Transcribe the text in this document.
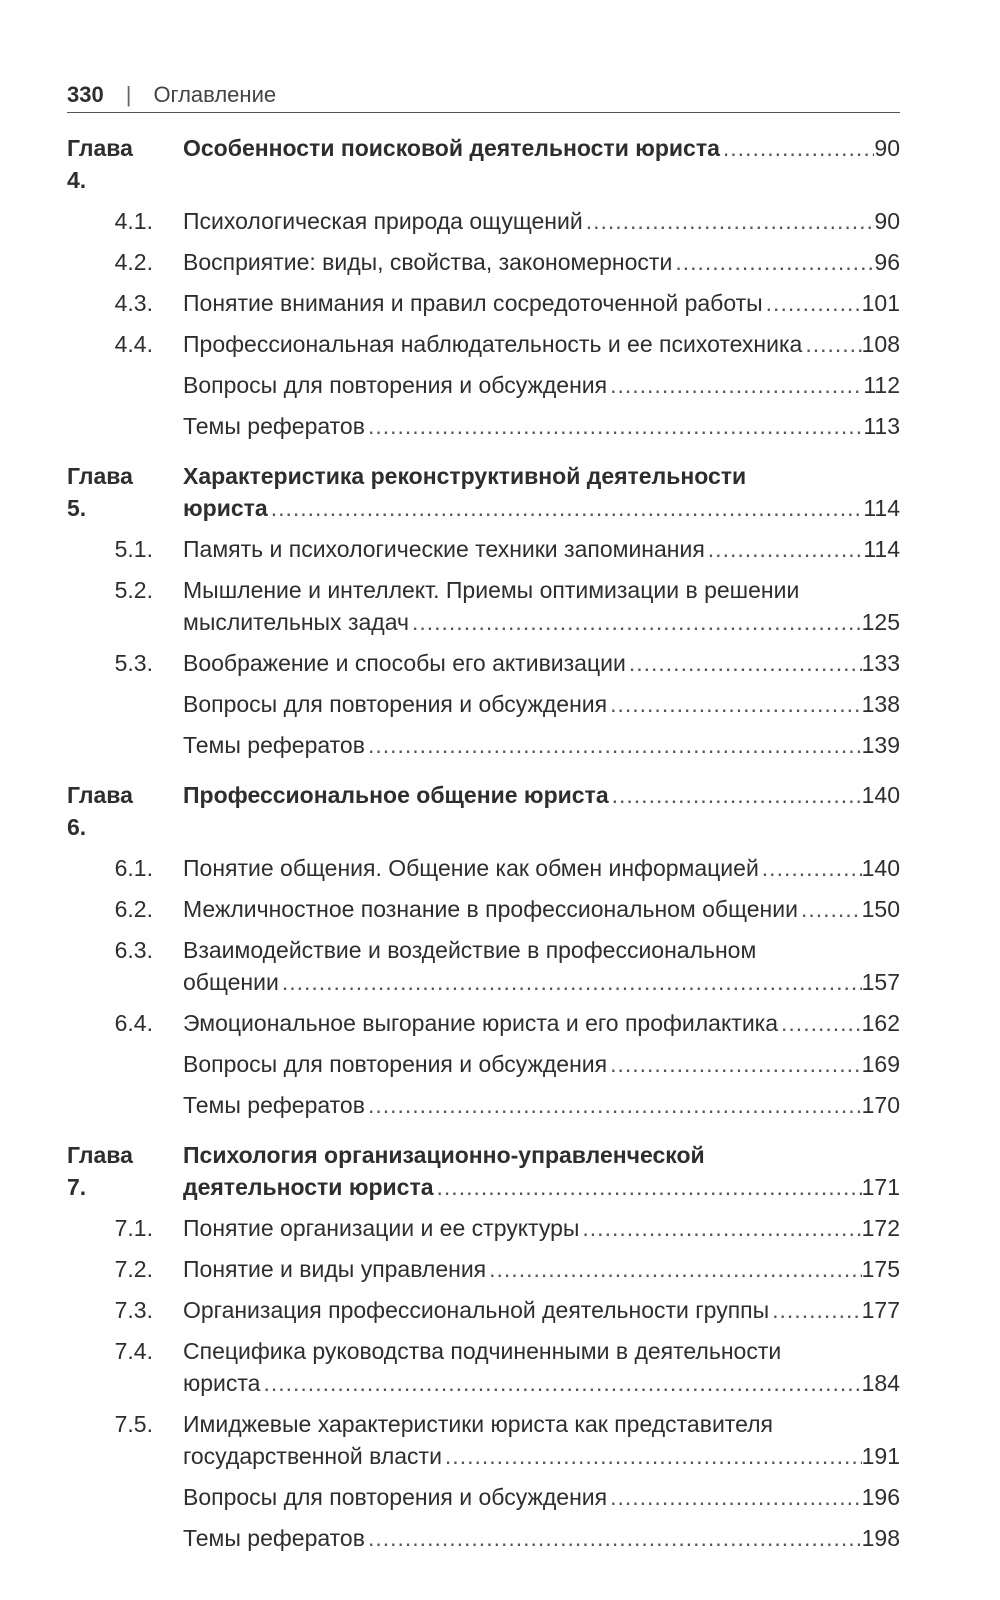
330 | Оглавление
Глава 4.
Особенности поисковой деятельности юриста .....	90
4.1. Психологическая природа ощущений .....	90
4.2. Восприятие: виды, свойства, закономерности .....	96
4.3. Понятие внимания и правил сосредоточенной работы .....	101
4.4. Профессиональная наблюдательность и ее психотехника .....	108
Вопросы для повторения и обсуждения .....	112
Темы рефератов .....	113
Глава 5.
Характеристика реконструктивной деятельности
юриста .....	114
5.1. Память и психологические техники запоминания .....	114
5.2. Мышление и интеллект. Приемы оптимизации в решении
мыслительных задач .....	125
5.3. Воображение и способы его активизации .....	133
Вопросы для повторения и обсуждения .....	138
Темы рефератов .....	139
Глава 6.
Профессиональное общение юриста .....	140
6.1. Понятие общения. Общение как обмен информацией .....	140
6.2. Межличностное познание в профессиональном общении .....	150
6.3. Взаимодействие и воздействие в профессиональном
общении .....	157
6.4. Эмоциональное выгорание юриста и его профилактика .....	162
Вопросы для повторения и обсуждения .....	169
Темы рефератов .....	170
Глава 7.
Психология организационно-управленческой
деятельности юриста .....	171
7.1. Понятие организации и ее структуры .....	172
7.2. Понятие и виды управления .....	175
7.3. Организация профессиональной деятельности группы .....	177
7.4. Специфика руководства подчиненными в деятельности
юриста .....	184
7.5. Имиджевые характеристики юриста как представителя
государственной власти .....	191
Вопросы для повторения и обсуждения .....	196
Темы рефератов .....	198
